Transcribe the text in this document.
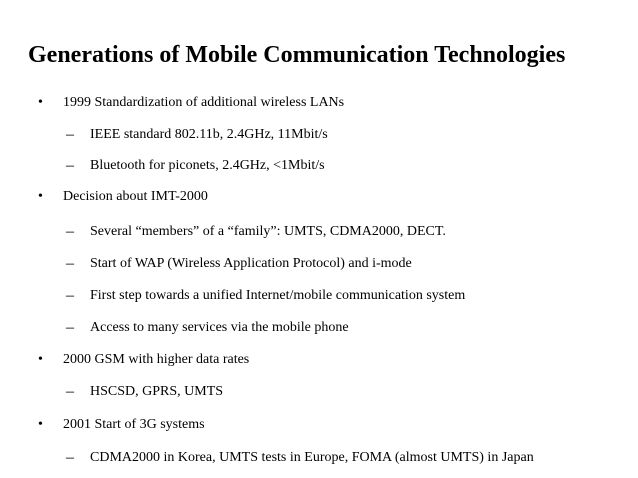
Generations of Mobile Communication Technologies
• 1999 Standardization of additional wireless LANs
– IEEE standard 802.11b, 2.4GHz, 11Mbit/s
– Bluetooth for piconets, 2.4GHz, <1Mbit/s
• Decision about IMT-2000
– Several “members” of a “family”: UMTS, CDMA2000, DECT.
– Start of WAP (Wireless Application Protocol) and i-mode
– First step towards a unified Internet/mobile communication system
– Access to many services via the mobile phone
• 2000 GSM with higher data rates
– HSCSD, GPRS, UMTS
• 2001 Start of 3G systems
– CDMA2000 in Korea, UMTS tests in Europe, FOMA (almost UMTS) in Japan
